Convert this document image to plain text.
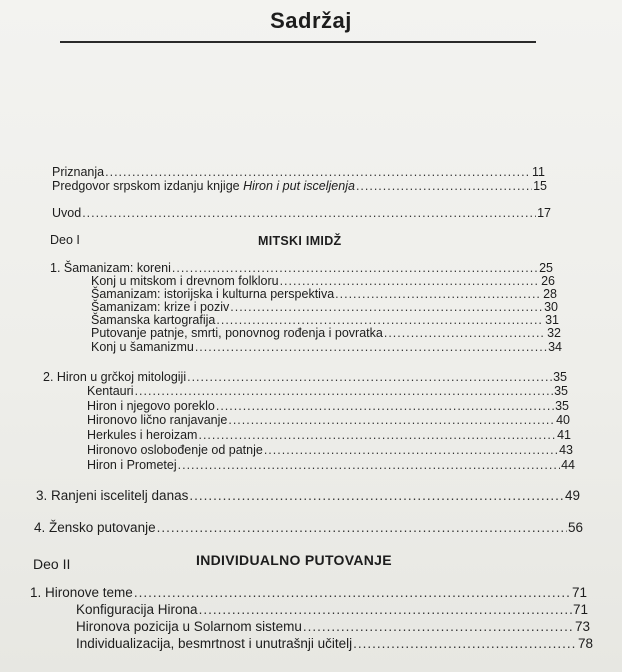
Sadržaj
Priznanja .....	11
Predgovor srpskom izdanju knjige Hiron i put isceljenja .....	15
Uvod .....	17
Deo I	MITSKI IMIDŽ
1. Šamanizam: koreni .....	25
Konj u mitskom i drevnom folkloru .....	26
Šamanizam: istorijska i kulturna perspektiva .....	28
Šamanizam: krize i poziv .....	30
Šamanska kartografija .....	31
Putovanje patnje, smrti, ponovnog rođenja i povratka .....	32
Konj u šamanizmu .....	34
2. Hiron u grčkoj mitologiji .....	35
Kentauri .....	35
Hiron i njegovo poreklo .....	35
Hironovo lično ranjavanje .....	40
Herkules i heroizam .....	41
Hironovo oslobođenje od patnje .....	43
Hiron i Prometej .....	44
3. Ranjeni iscelitelj danas .....	49
4. Žensko putovanje .....	56
Deo II	INDIVIDUALNO PUTOVANJE
1. Hironove teme .....	71
Konfiguracija Hirona .....	71
Hironova pozicija u Solarnom sistemu .....	73
Individualizacija, besmrtnost i unutrašnji učitelj .....	78
